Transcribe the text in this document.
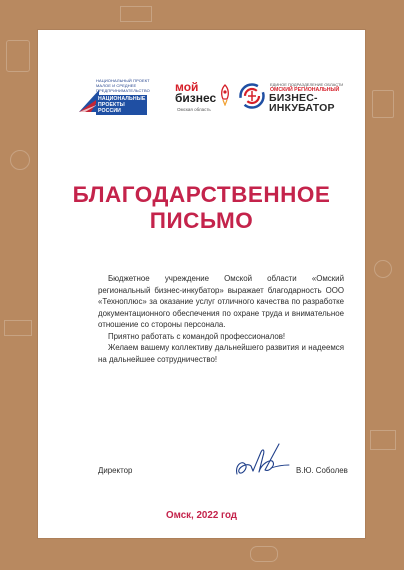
НАЦИОНАЛЬНЫЙ ПРОЕКТ
МАЛОЕ И СРЕДНЕЕ
ПРЕДПРИНИМАТЕЛЬСТВО
НАЦИОНАЛЬНЫЕ
ПРОЕКТЫ
РОССИИ
мой
бизнес
Омская область
ЕДИНОЕ ПОДРАЗДЕЛЕНИЕ ОБЛАСТИ
ОМСКИЙ РЕГИОНАЛЬНЫЙ
БИЗНЕС-
ИНКУБАТОР
БЛАГОДАРСТВЕННОЕ
ПИСЬМО

Бюджетное учреждение Омской области «Омский региональный бизнес-инкубатор» выражает благодарность ООО «Техноплюс» за оказание услуг отличного качества по разработке документационного обеспечения по охране труда и внимательное отношение со стороны персонала.

Приятно работать с командой профессионалов!

Желаем вашему коллективу дальнейшего развития и надеемся на дальнейшее сотрудничество!

Директор	В.Ю. Соболев
Омск, 2022 год
